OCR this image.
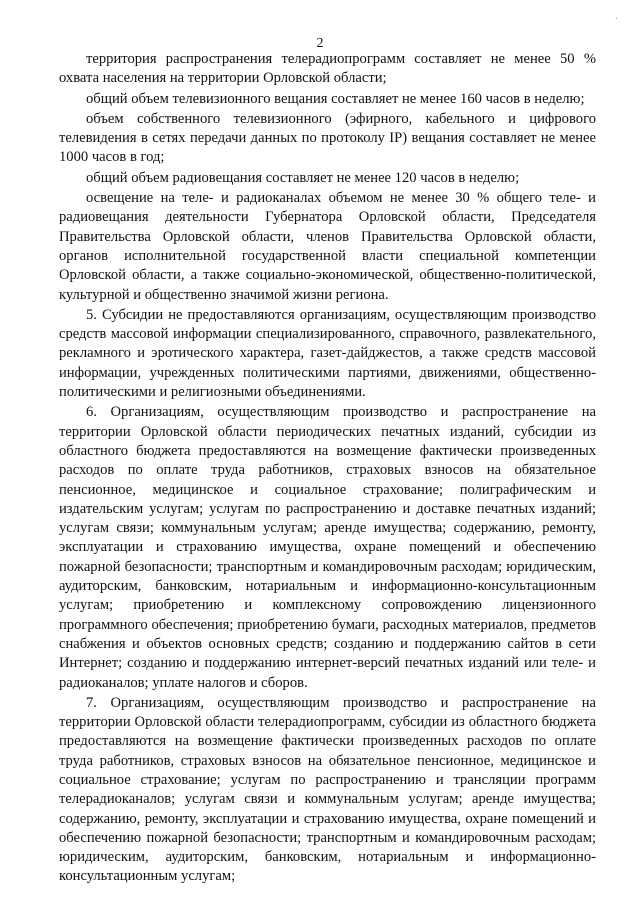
2
·

территория распространения телерадиопрограмм составляет не менее 50 % охвата населения на территории Орловской области;

общий объем телевизионного вещания составляет не менее 160 часов в неделю;

объем собственного телевизионного (эфирного, кабельного и цифрового телевидения в сетях передачи данных по протоколу IP) вещания составляет не менее 1000 часов в год;

общий объем радиовещания составляет не менее 120 часов в неделю;

освещение на теле- и радиоканалах объемом не менее 30 % общего теле- и радиовещания деятельности Губернатора Орловской области, Председателя Правительства Орловской области, членов Правительства Орловской области, органов исполнительной государственной власти специальной компетенции Орловской области, а также социально-экономической, общественно-политической, культурной и общественно значимой жизни региона.

5. Субсидии не предоставляются организациям, осуществляющим производство средств массовой информации специализированного, справочного, развлекательного, рекламного и эротического характера, газет-дайджестов, а также средств массовой информации, учрежденных политическими партиями, движениями, общественно-политическими и религиозными объединениями.

6. Организациям, осуществляющим производство и распространение на территории Орловской области периодических печатных изданий, субсидии из областного бюджета предоставляются на возмещение фактически произведенных расходов по оплате труда работников, страховых взносов на обязательное пенсионное, медицинское и социальное страхование; полиграфическим и издательским услугам; услугам по распространению и доставке печатных изданий; услугам связи; коммунальным услугам; аренде имущества; содержанию, ремонту, эксплуатации и страхованию имущества, охране помещений и обеспечению пожарной безопасности; транспортным и командировочным расходам; юридическим, аудиторским, банковским, нотариальным и информационно-консультационным услугам; приобретению и комплексному сопровождению лицензионного программного обеспечения; приобретению бумаги, расходных материалов, предметов снабжения и объектов основных средств; созданию и поддержанию сайтов в сети Интернет; созданию и поддержанию интернет-версий печатных изданий или теле- и радиоканалов; уплате налогов и сборов.

7. Организациям, осуществляющим производство и распространение на территории Орловской области телерадиопрограмм, субсидии из областного бюджета предоставляются на возмещение фактически произведенных расходов по оплате труда работников, страховых взносов на обязательное пенсионное, медицинское и социальное страхование; услугам по распространению и трансляции программ телерадиоканалов; услугам связи и коммунальным услугам; аренде имущества; содержанию, ремонту, эксплуатации и страхованию имущества, охране помещений и обеспечению пожарной безопасности; транспортным и командировочным расходам; юридическим, аудиторским, банковским, нотариальным и информационно-консультационным услугам;
